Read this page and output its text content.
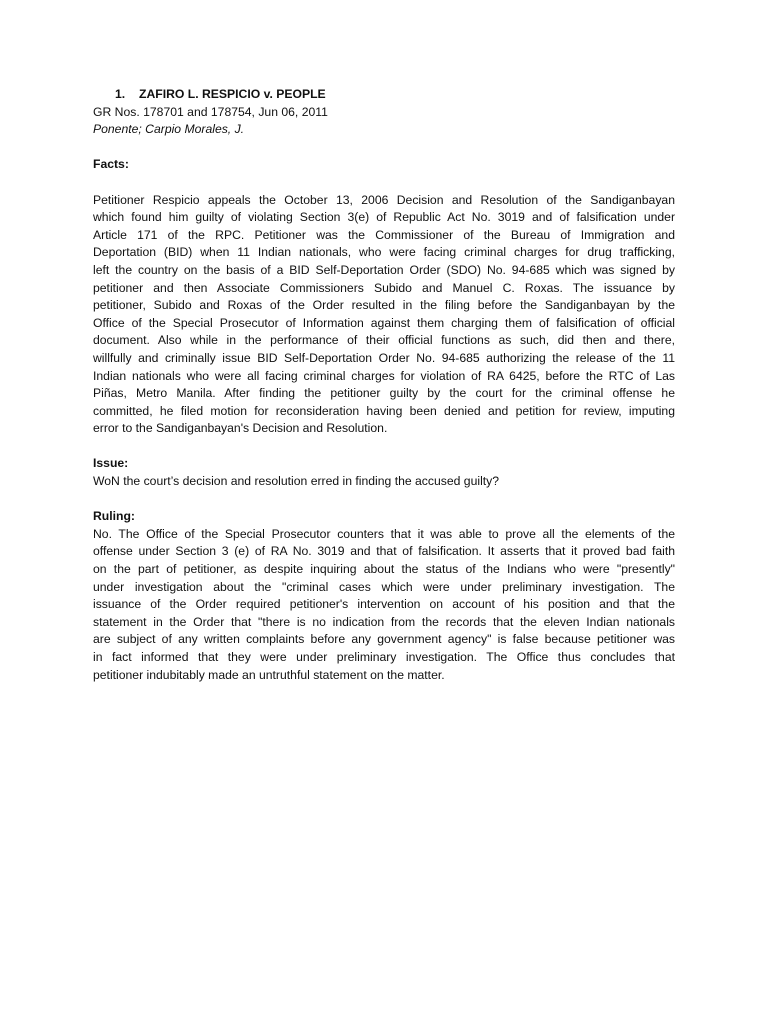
1.	ZAFIRO L. RESPICIO v. PEOPLE
GR Nos. 178701 and 178754, Jun 06, 2011
Ponente; Carpio Morales, J.
Facts:
Petitioner Respicio appeals the October 13, 2006 Decision and Resolution of the Sandiganbayan
which found him guilty of violating Section 3(e) of Republic Act No. 3019 and of falsification under
Article 171 of the RPC. Petitioner was the Commissioner of the Bureau of Immigration and
Deportation (BID) when 11 Indian nationals, who were facing criminal charges for drug trafficking,
left the country on the basis of a BID Self-Deportation Order (SDO) No. 94-685 which was signed by
petitioner and then Associate Commissioners Subido and Manuel C. Roxas. The issuance by
petitioner, Subido and Roxas of the Order resulted in the filing before the Sandiganbayan by the
Office of the Special Prosecutor of Information against them charging them of falsification of official
document. Also while in the performance of their official functions as such, did then and there,
willfully and criminally issue BID Self-Deportation Order No. 94-685 authorizing the release of the 11
Indian nationals who were all facing criminal charges for violation of RA 6425, before the RTC of Las
Piñas, Metro Manila. After finding the petitioner guilty by the court for the criminal offense he
committed, he filed motion for reconsideration having been denied and petition for review, imputing
error to the Sandiganbayan's Decision and Resolution.
Issue:
WoN the court’s decision and resolution erred in finding the accused guilty?
Ruling:
No. The Office of the Special Prosecutor counters that it was able to prove all the elements of the
offense under Section 3 (e) of RA No. 3019 and that of falsification. It asserts that it proved bad faith
on the part of petitioner, as despite inquiring about the status of the Indians who were "presently"
under investigation about the "criminal cases which were under preliminary investigation. The
issuance of the Order required petitioner's intervention on account of his position and that the
statement in the Order that "there is no indication from the records that the eleven Indian nationals
are subject of any written complaints before any government agency" is false because petitioner was
in fact informed that they were under preliminary investigation. The Office thus concludes that
petitioner indubitably made an untruthful statement on the matter.
